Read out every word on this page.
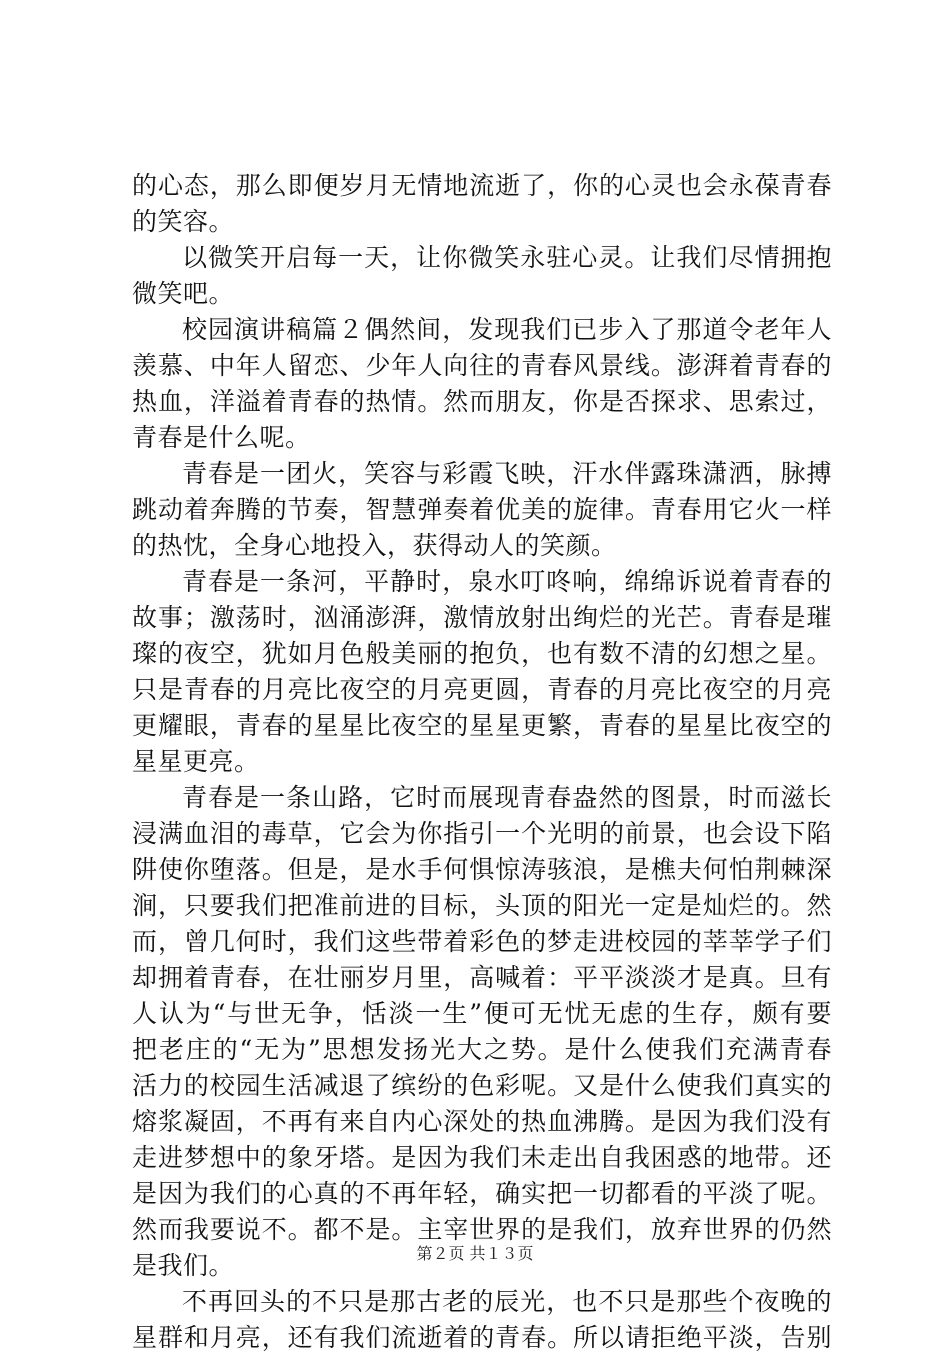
的心态，那么即便岁月无情地流逝了，你的心灵也会永葆青春
的笑容。
以微笑开启每一天，让你微笑永驻心灵。让我们尽情拥抱
微笑吧。
校园演讲稿篇２偶然间，发现我们已步入了那道令老年人
羡慕、中年人留恋、少年人向往的青春风景线。澎湃着青春的
热血，洋溢着青春的热情。然而朋友，你是否探求、思索过，
青春是什么呢。
青春是一团火，笑容与彩霞飞映，汗水伴露珠潇洒，脉搏
跳动着奔腾的节奏，智慧弹奏着优美的旋律。青春用它火一样
的热忱，全身心地投入，获得动人的笑颜。
青春是一条河，平静时，泉水叮咚响，绵绵诉说着青春的
故事；激荡时，汹涌澎湃，激情放射出绚烂的光芒。青春是璀
璨的夜空，犹如月色般美丽的抱负，也有数不清的幻想之星。
只是青春的月亮比夜空的月亮更圆，青春的月亮比夜空的月亮
更耀眼，青春的星星比夜空的星星更繁，青春的星星比夜空的
星星更亮。
青春是一条山路，它时而展现青春盎然的图景，时而滋长
浸满血泪的毒草，它会为你指引一个光明的前景，也会设下陷
阱使你堕落。但是，是水手何惧惊涛骇浪，是樵夫何怕荆棘深
涧，只要我们把准前进的目标，头顶的阳光一定是灿烂的。然
而，曾几何时，我们这些带着彩色的梦走进校园的莘莘学子们
却拥着青春，在壮丽岁月里，高喊着：平平淡淡才是真。旦有
人认为“与世无争，恬淡一生”便可无忧无虑的生存，颇有要
把老庄的“无为”思想发扬光大之势。是什么使我们充满青春
活力的校园生活减退了缤纷的色彩呢。又是什么使我们真实的
熔浆凝固，不再有来自内心深处的热血沸腾。是因为我们没有
走进梦想中的象牙塔。是因为我们未走出自我困惑的地带。还
是因为我们的心真的不再年轻，确实把一切都看的平淡了呢。
然而我要说不。都不是。主宰世界的是我们，放弃世界的仍然
是我们。
不再回头的不只是那古老的辰光，也不只是那些个夜晚的
星群和月亮，还有我们流逝着的青春。所以请拒绝平淡，告别
第２页 共１３页
